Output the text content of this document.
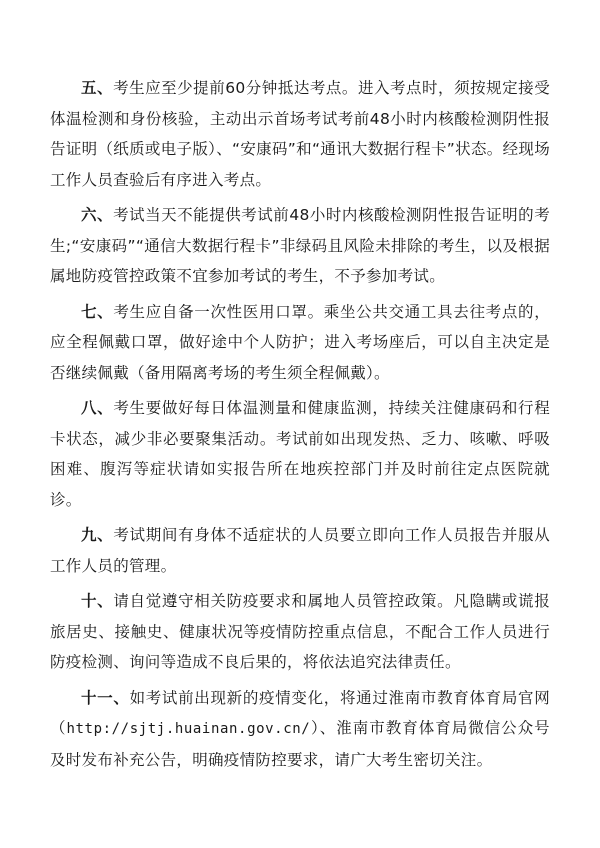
五、考生应至少提前60分钟抵达考点。进入考点时，须按规定接受体温检测和身份核验，主动出示首场考试考前48小时内核酸检测阴性报告证明（纸质或电子版）、“安康码”和“通讯大数据行程卡”状态。经现场工作人员查验后有序进入考点。

六、考试当天不能提供考试前48小时内核酸检测阴性报告证明的考生;“安康码”“通信大数据行程卡”非绿码且风险未排除的考生，以及根据属地防疫管控政策不宜参加考试的考生，不予参加考试。

七、考生应自备一次性医用口罩。乘坐公共交通工具去往考点的，应全程佩戴口罩，做好途中个人防护；进入考场座后，可以自主决定是否继续佩戴（备用隔离考场的考生须全程佩戴）。

八、考生要做好每日体温测量和健康监测，持续关注健康码和行程卡状态，减少非必要聚集活动。考试前如出现发热、乏力、咳嗽、呼吸困难、腹泻等症状请如实报告所在地疾控部门并及时前往定点医院就诊。

九、考试期间有身体不适症状的人员要立即向工作人员报告并服从工作人员的管理。

十、请自觉遵守相关防疫要求和属地人员管控政策。凡隐瞒或谎报旅居史、接触史、健康状况等疫情防控重点信息，不配合工作人员进行防疫检测、询问等造成不良后果的，将依法追究法律责任。

十一、如考试前出现新的疫情变化，将通过淮南市教育体育局官网（http://sjtj.huainan.gov.cn/）、淮南市教育体育局微信公众号及时发布补充公告，明确疫情防控要求，请广大考生密切关注。
